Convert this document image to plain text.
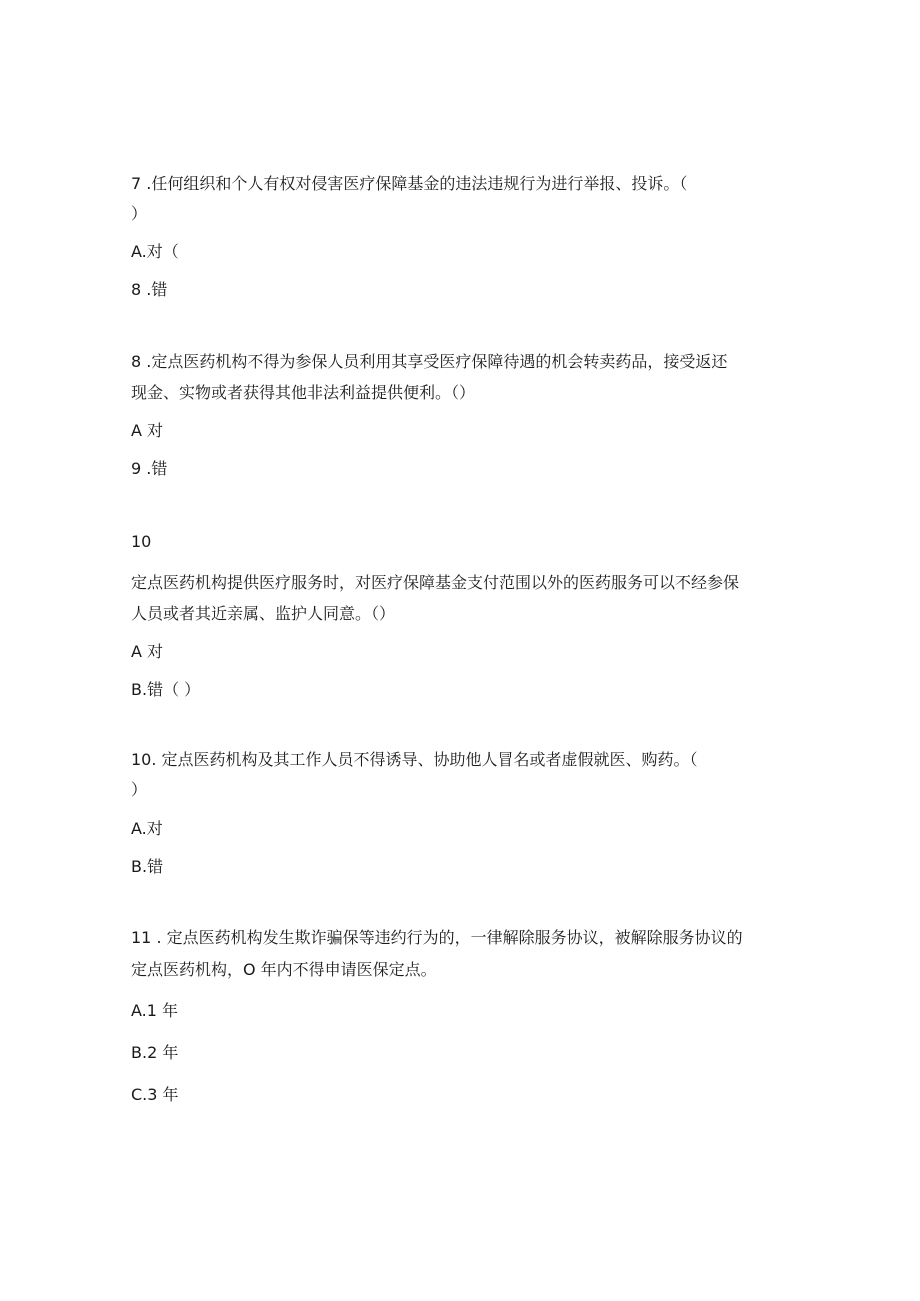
7 .任何组织和个人有权对侵害医疗保障基金的违法违规行为进行举报、投诉。（
）
A.对（
8 .错
8 .定点医药机构不得为参保人员利用其享受医疗保障待遇的机会转卖药品，接受返还
现金、实物或者获得其他非法利益提供便利。（）
A 对
9 .错
10
定点医药机构提供医疗服务时，对医疗保障基金支付范围以外的医药服务可以不经参保
人员或者其近亲属、监护人同意。（）
A 对
B.错（ ）
10. 定点医药机构及其工作人员不得诱导、协助他人冒名或者虚假就医、购药。（
）
A.对
B.错
11 . 定点医药机构发生欺诈骗保等违约行为的，一律解除服务协议，被解除服务协议的
定点医药机构，O 年内不得申请医保定点。
A.1 年
B.2 年
C.3 年
